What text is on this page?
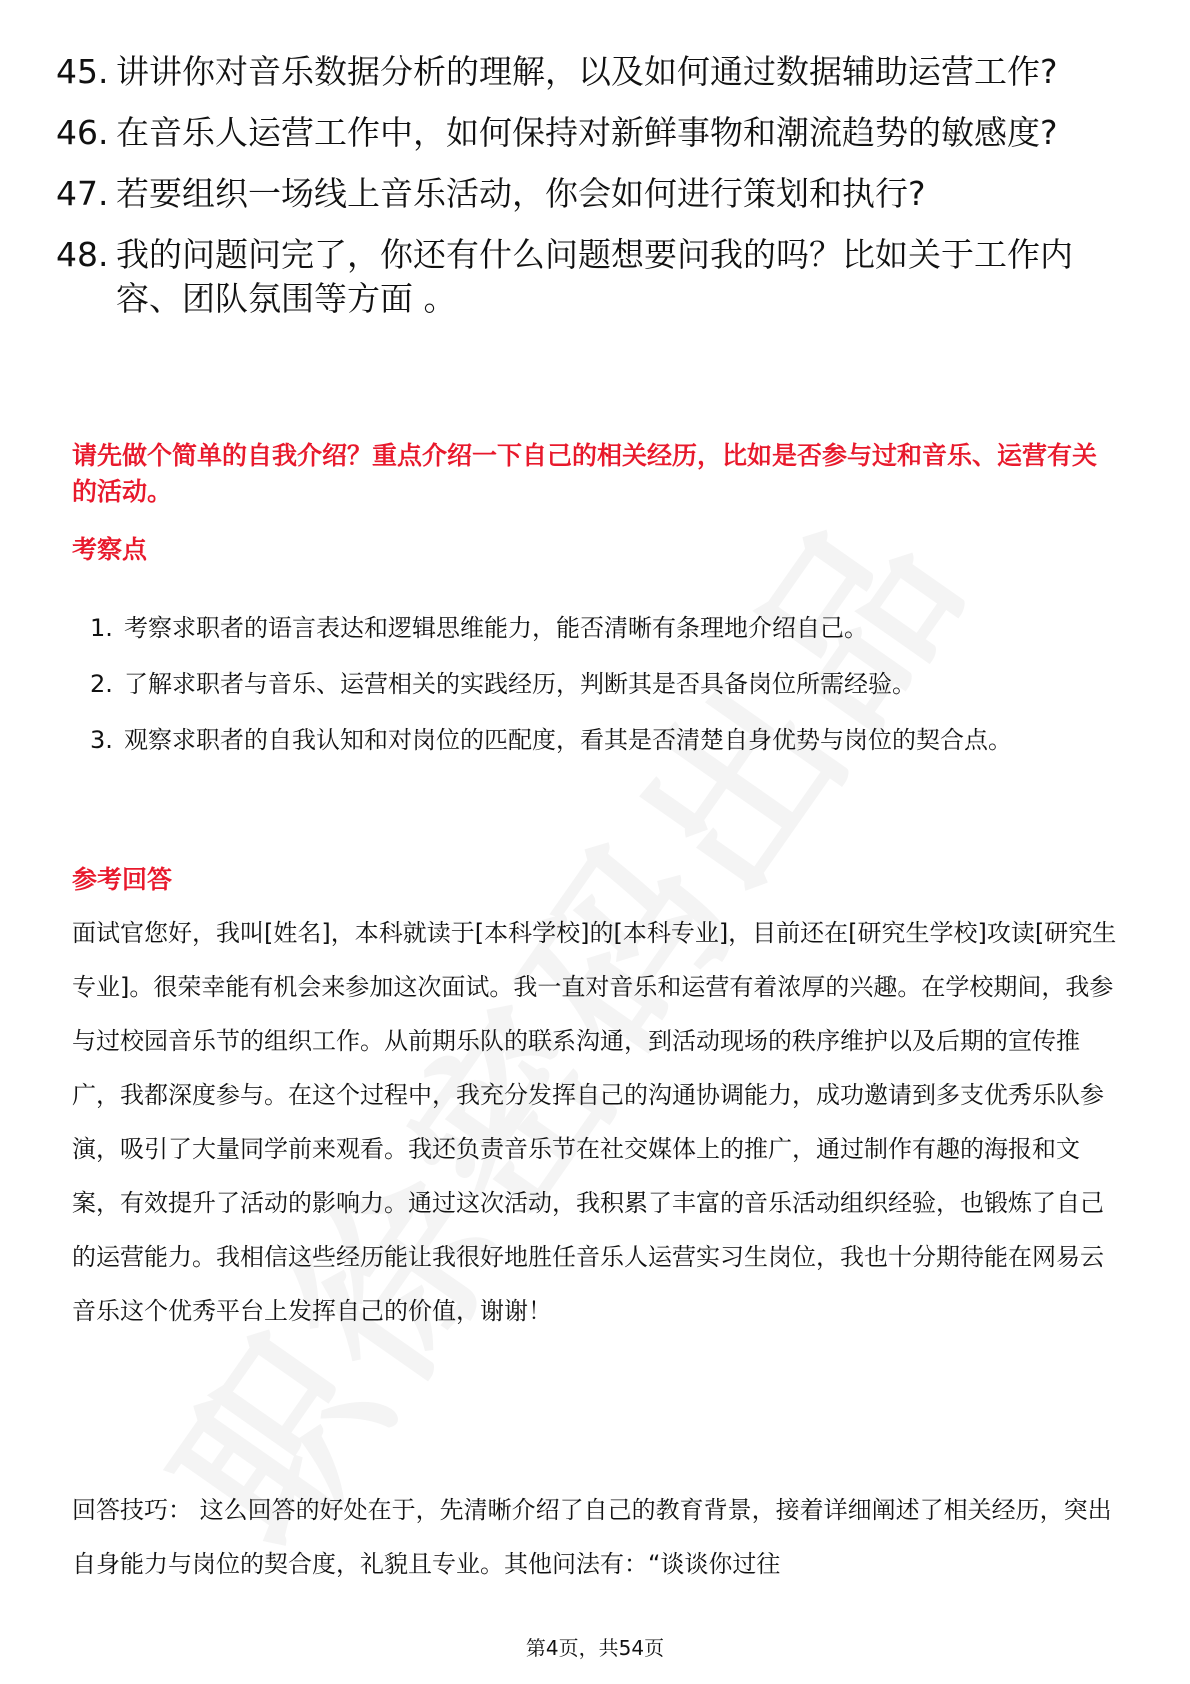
45. 讲讲你对音乐数据分析的理解，以及如何通过数据辅助运营工作?
46. 在音乐人运营工作中，如何保持对新鲜事物和潮流趋势的敏感度?
47. 若要组织一场线上音乐活动，你会如何进行策划和执行?
48. 我的问题问完了，你还有什么问题想要问我的吗？比如关于工作内容、团队氛围等方面 。

请先做个简单的自我介绍？重点介绍一下自己的相关经历，比如是否参与过和音乐、运营有关的活动。

考察点

1. 考察求职者的语言表达和逻辑思维能力，能否清晰有条理地介绍自己。
2. 了解求职者与音乐、运营相关的实践经历，判断其是否具备岗位所需经验。
3. 观察求职者的自我认知和对岗位的匹配度，看其是否清楚自身优势与岗位的契合点。

参考回答

面试官您好，我叫[姓名]，本科就读于[本科学校]的[本科专业]，目前还在[研究生学校]攻读[研究生专业]。很荣幸能有机会来参加这次面试。我一直对音乐和运营有着浓厚的兴趣。在学校期间，我参与过校园音乐节的组织工作。从前期乐队的联系沟通，到活动现场的秩序维护以及后期的宣传推广，我都深度参与。在这个过程中，我充分发挥自己的沟通协调能力，成功邀请到多支优秀乐队参演，吸引了大量同学前来观看。我还负责音乐节在社交媒体上的推广，通过制作有趣的海报和文案，有效提升了活动的影响力。通过这次活动，我积累了丰富的音乐活动组织经验，也锻炼了自己的运营能力。我相信这些经历能让我很好地胜任音乐人运营实习生岗位，我也十分期待能在网易云音乐这个优秀平台上发挥自己的价值，谢谢！

回答技巧： 这么回答的好处在于，先清晰介绍了自己的教育背景，接着详细阐述了相关经历，突出自身能力与岗位的契合度，礼貌且专业。其他问法有：“谈谈你过往

第4页，共54页
